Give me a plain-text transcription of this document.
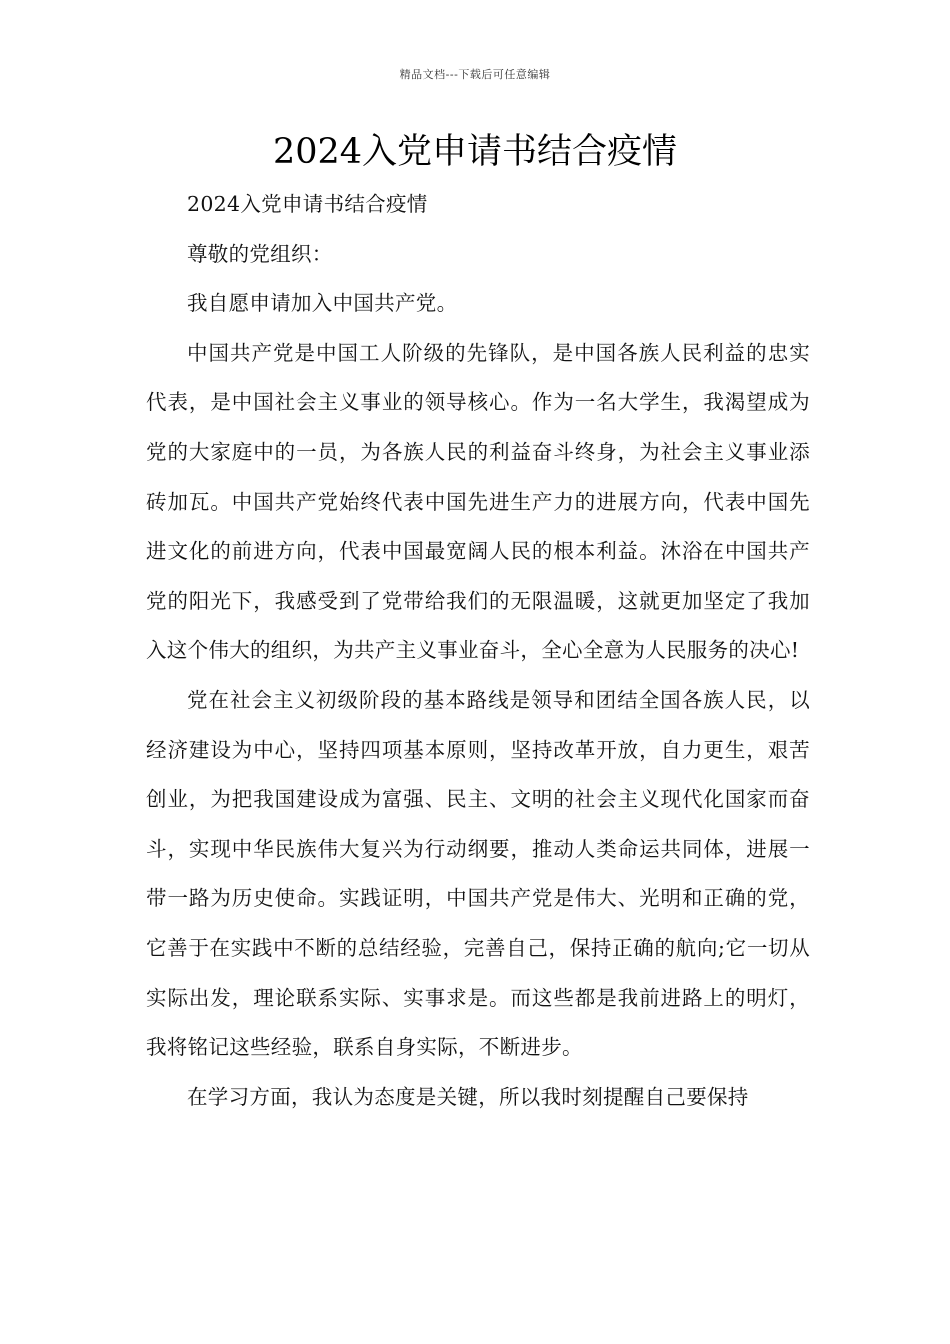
精品文档---下载后可任意编辑
2024入党申请书结合疫情

2024入党申请书结合疫情

尊敬的党组织：

我自愿申请加入中国共产党。

中国共产党是中国工人阶级的先锋队，是中国各族人民利益的忠实代表，是中国社会主义事业的领导核心。作为一名大学生，我渴望成为党的大家庭中的一员，为各族人民的利益奋斗终身，为社会主义事业添砖加瓦。中国共产党始终代表中国先进生产力的进展方向，代表中国先进文化的前进方向，代表中国最宽阔人民的根本利益。沐浴在中国共产党的阳光下，我感受到了党带给我们的无限温暖，这就更加坚定了我加入这个伟大的组织，为共产主义事业奋斗，全心全意为人民服务的决心!

党在社会主义初级阶段的基本路线是领导和团结全国各族人民，以经济建设为中心，坚持四项基本原则，坚持改革开放，自力更生，艰苦创业，为把我国建设成为富强、民主、文明的社会主义现代化国家而奋斗，实现中华民族伟大复兴为行动纲要，推动人类命运共同体，进展一带一路为历史使命。实践证明，中国共产党是伟大、光明和正确的党，它善于在实践中不断的总结经验，完善自己，保持正确的航向;它一切从实际出发，理论联系实际、实事求是。而这些都是我前进路上的明灯，我将铭记这些经验，联系自身实际，不断进步。

在学习方面，我认为态度是关键，所以我时刻提醒自己要保持
